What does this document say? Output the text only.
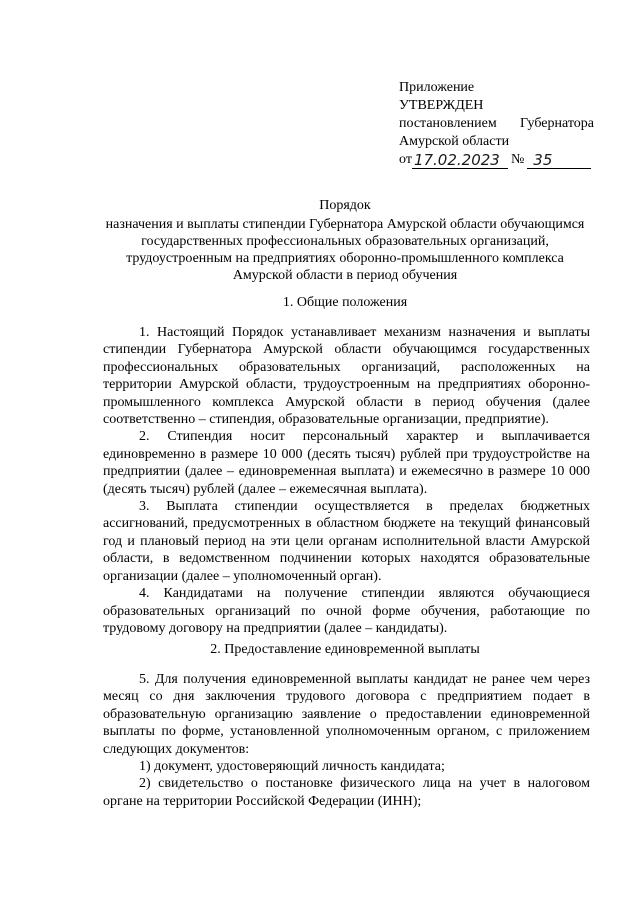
Приложение
УТВЕРЖДЕН
постановлением Губернатора
Амурской области
от 17.02.2023 № 35
Порядок
назначения и выплаты стипендии Губернатора Амурской области обучающимся государственных профессиональных образовательных организаций, трудоустроенным на предприятиях оборонно-промышленного комплекса Амурской области в период обучения
1. Общие положения

1. Настоящий Порядок устанавливает механизм назначения и выплаты стипендии Губернатора Амурской области обучающимся государственных профессиональных образовательных организаций, расположенных на территории Амурской области, трудоустроенным на предприятиях оборонно-промышленного комплекса Амурской области в период обучения (далее соответственно – стипендия, образовательные организации, предприятие).

2. Стипендия носит персональный характер и выплачивается единовременно в размере 10 000 (десять тысяч) рублей при трудоустройстве на предприятии (далее – единовременная выплата) и ежемесячно в размере 10 000 (десять тысяч) рублей (далее – ежемесячная выплата).

3. Выплата стипендии осуществляется в пределах бюджетных ассигнований, предусмотренных в областном бюджете на текущий финансовый год и плановый период на эти цели органам исполнительной власти Амурской области, в ведомственном подчинении которых находятся образовательные организации (далее – уполномоченный орган).

4. Кандидатами на получение стипендии являются обучающиеся образовательных организаций по очной форме обучения, работающие по трудовому договору на предприятии (далее – кандидаты).

2. Предоставление единовременной выплаты

5. Для получения единовременной выплаты кандидат не ранее чем через месяц со дня заключения трудового договора с предприятием подает в образовательную организацию заявление о предоставлении единовременной выплаты по форме, установленной уполномоченным органом, с приложением следующих документов:

1) документ, удостоверяющий личность кандидата;

2) свидетельство о постановке физического лица на учет в налоговом органе на территории Российской Федерации (ИНН);
